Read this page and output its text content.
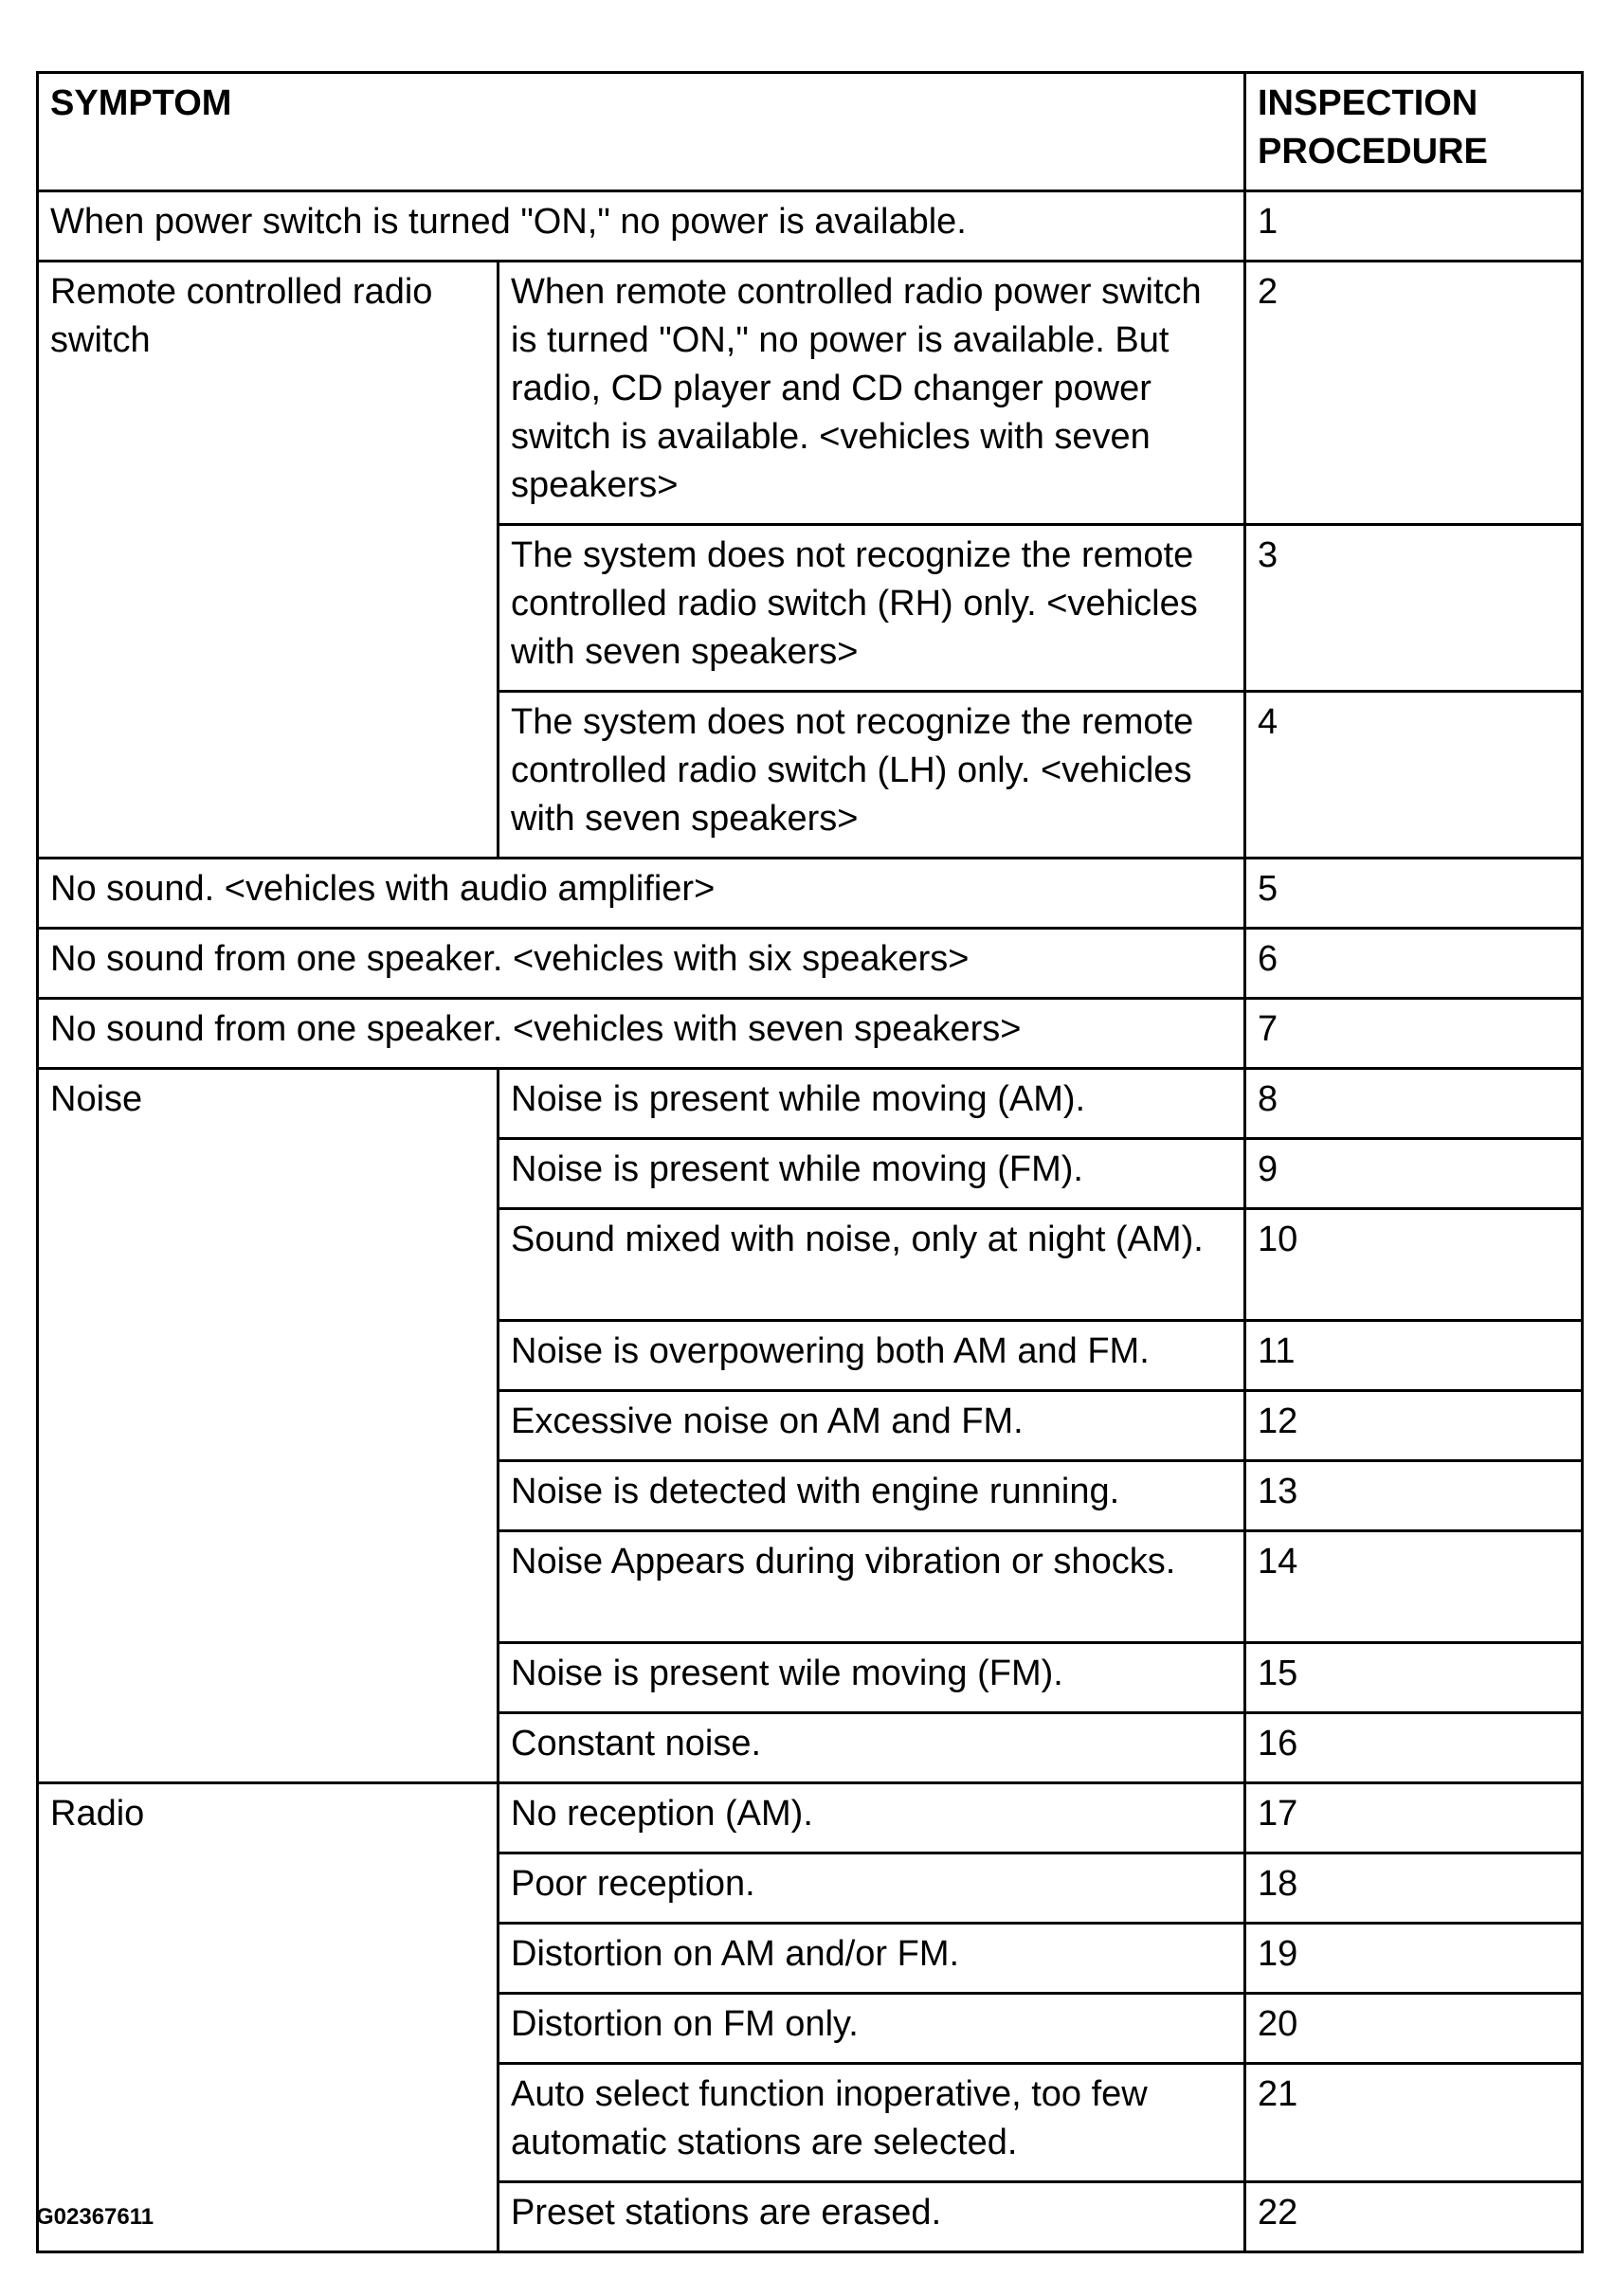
SYMPTOM		INSPECTION PROCEDURE
When power switch is turned "ON," no power is available.		1
Remote controlled radio switch	When remote controlled radio power switch is turned "ON," no power is available. But radio, CD player and CD changer power switch is available. <vehicles with seven speakers>	2
	The system does not recognize the remote controlled radio switch (RH) only. <vehicles with seven speakers>	3
	The system does not recognize the remote controlled radio switch (LH) only. <vehicles with seven speakers>	4
No sound. <vehicles with audio amplifier>		5
No sound from one speaker. <vehicles with six speakers>		6
No sound from one speaker. <vehicles with seven speakers>		7
Noise	Noise is present while moving (AM).	8
	Noise is present while moving (FM).	9
	Sound mixed with noise, only at night (AM).	10
	Noise is overpowering both AM and FM.	11
	Excessive noise on AM and FM.	12
	Noise is detected with engine running.	13
	Noise Appears during vibration or shocks.	14
	Noise is present wile moving (FM).	15
	Constant noise.	16
Radio	No reception (AM).	17
	Poor reception.	18
	Distortion on AM and/or FM.	19
	Distortion on FM only.	20
	Auto select function inoperative, too few automatic stations are selected.	21
	Preset stations are erased.	22
G02367611
